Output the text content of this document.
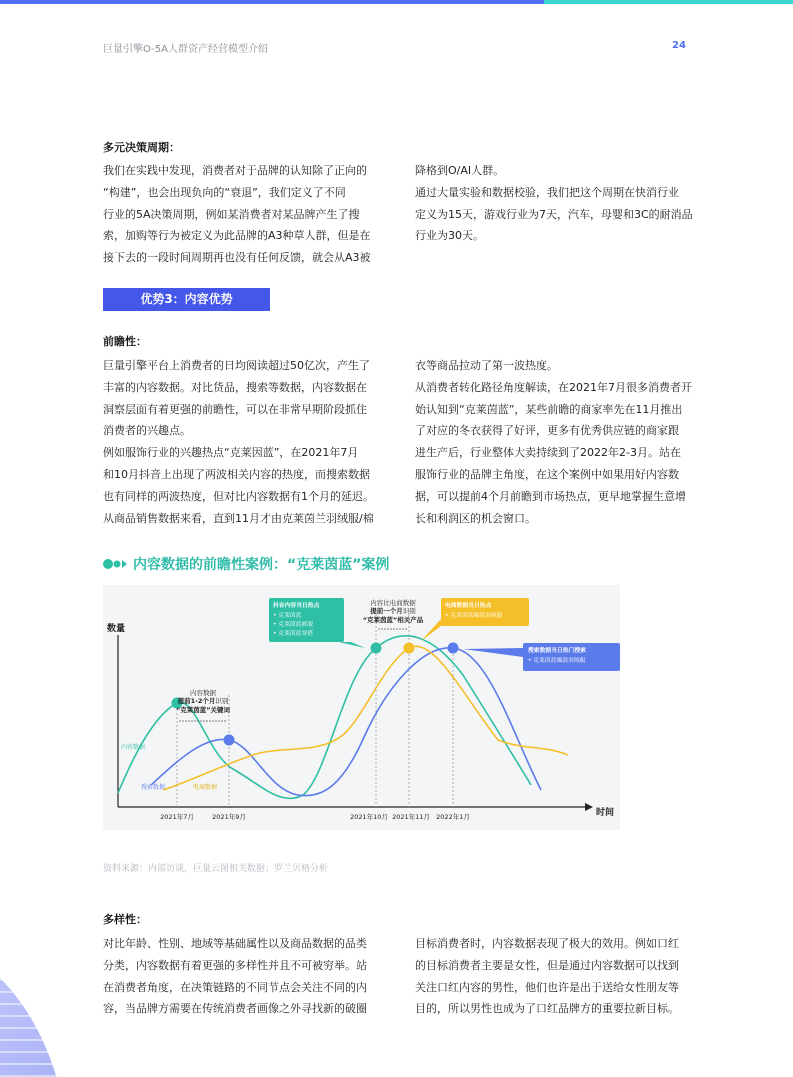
巨量引擎O-5A人群资产经营模型介绍	24
多元决策周期：

我们在实践中发现，消费者对于品牌的认知除了正向的

“构建”，也会出现负向的“衰退”，我们定义了不同

行业的5A决策周期，例如某消费者对某品牌产生了搜

索，加购等行为被定义为此品牌的A3种草人群，但是在

接下去的一段时间周期再也没有任何反馈，就会从A3被

降格到O/AI人群。

通过大量实验和数据校验，我们把这个周期在快消行业

定义为15天，游戏行业为7天，汽车，母婴和3C的耐消品

行业为30天。

优势3：内容优势
前瞻性：

巨量引擎平台上消费者的日均阅读超过50亿次，产生了

丰富的内容数据。对比货品，搜索等数据，内容数据在

洞察层面有着更强的前瞻性，可以在非常早期阶段抓住

消费者的兴趣点。

例如服饰行业的兴趣热点“克莱因蓝”，在2021年7月

和10月抖音上出现了两波相关内容的热度，而搜索数据

也有同样的两波热度，但对比内容数据有1个月的延迟。

从商品销售数据来看，直到11月才由克莱茵兰羽绒服/棉

衣等商品拉动了第一波热度。

从消费者转化路径角度解读，在2021年7月很多消费者开

始认知到“克莱茵蓝”，某些前瞻的商家率先在11月推出

了对应的冬衣获得了好评，更多有优秀供应链的商家跟

进生产后，行业整体大卖持续到了2022年2-3月。站在

服饰行业的品牌主角度，在这个案例中如果用好内容数

据，可以提前4个月前瞻到市场热点，更早地掌握生意增

长和利润区的机会窗口。

内容数据的前瞻性案例：“克莱茵蓝”案例
数量
时间
内容数据
搜索数据	电商数据
2021年7月	2021年9月	2021年10月 2021年11月 2022年1月
内容数据
提前1-2个月识别
“克莱茵蓝”关键词
内容比电商数据
提前一个月识别
“克莱茵蓝”相关产品
抖音内容当日热点
• 克莱茵蓝
• 克莱茵蓝裤服
• 克莱茵蓝穿搭
电商数据当日热点
• 克莱茵蓝爆款羽绒服
搜索数据当日热门搜索
• 克莱茵蓝爆款羽绒服
资料来源：内部访谈，巨量云图相关数据；罗兰贝格分析
多样性：

对比年龄、性别、地域等基础属性以及商品数据的品类

分类，内容数据有着更强的多样性并且不可被穷举。站

在消费者角度，在决策链路的不同节点会关注不同的内

容，当品牌方需要在传统消费者画像之外寻找新的破圈

目标消费者时，内容数据表现了极大的效用。例如口红

的目标消费者主要是女性，但是通过内容数据可以找到

关注口红内容的男性，他们也许是出于送给女性朋友等

目的，所以男性也成为了口红品牌方的重要拉新目标。
